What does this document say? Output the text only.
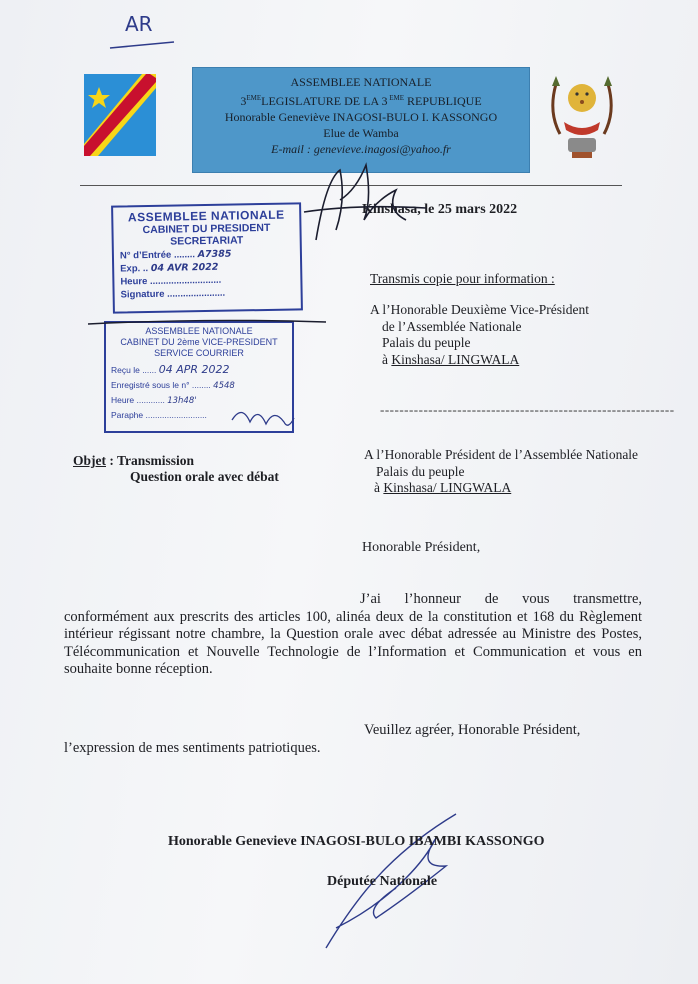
AR
ASSEMBLEE NATIONALE
3EMELEGISLATURE DE LA 3 $^{EME}$ REPUBLIQUE
Honorable Geneviève INAGOSI-BULO I. KASSONGO
Elue de Wamba
E-mail : genevieve.inagosi@yahoo.fr
Kinshasa, le 25 mars 2022
ASSEMBLEE NATIONALE
CABINET DU PRESIDENT
SECRETARIAT
N° d’Entrée ........ A7385
Exp. .. 04 AVR 2022
Heure ...........................
Signature ......................
ASSEMBLEE NATIONALE
CABINET DU 2ème VICE-PRESIDENT
SERVICE COURRIER
Reçu le ...... 04 APR 2022
Enregistré sous le n° ........ 4548
Heure ............ 13h48'
Paraphe ..........................
Transmis copie pour information :
A l’Honorable Deuxième Vice-Président
de l’Assemblée Nationale
Palais du peuple
à Kinshasa/ LINGWALA
-------------------------------------------------------------
Objet : Transmission
Question orale avec débat
A l’Honorable Président de l’Assemblée Nationale
Palais du peuple
à Kinshasa/ LINGWALA
Honorable Président,
J’ai l’honneur de vous transmettre, conformément aux prescrits des articles 100, alinéa deux de la constitution et 168 du Règlement intérieur régissant notre chambre, la Question orale avec débat adressée au Ministre des Postes, Télécommunication et Nouvelle Technologie de l’Information et Communication et vous en souhaite bonne réception.
Veuillez agréer, Honorable Président,
l’expression de mes sentiments patriotiques.
Honorable Genevieve INAGOSI-BULO IBAMBI KASSONGO
Députée Nationale
